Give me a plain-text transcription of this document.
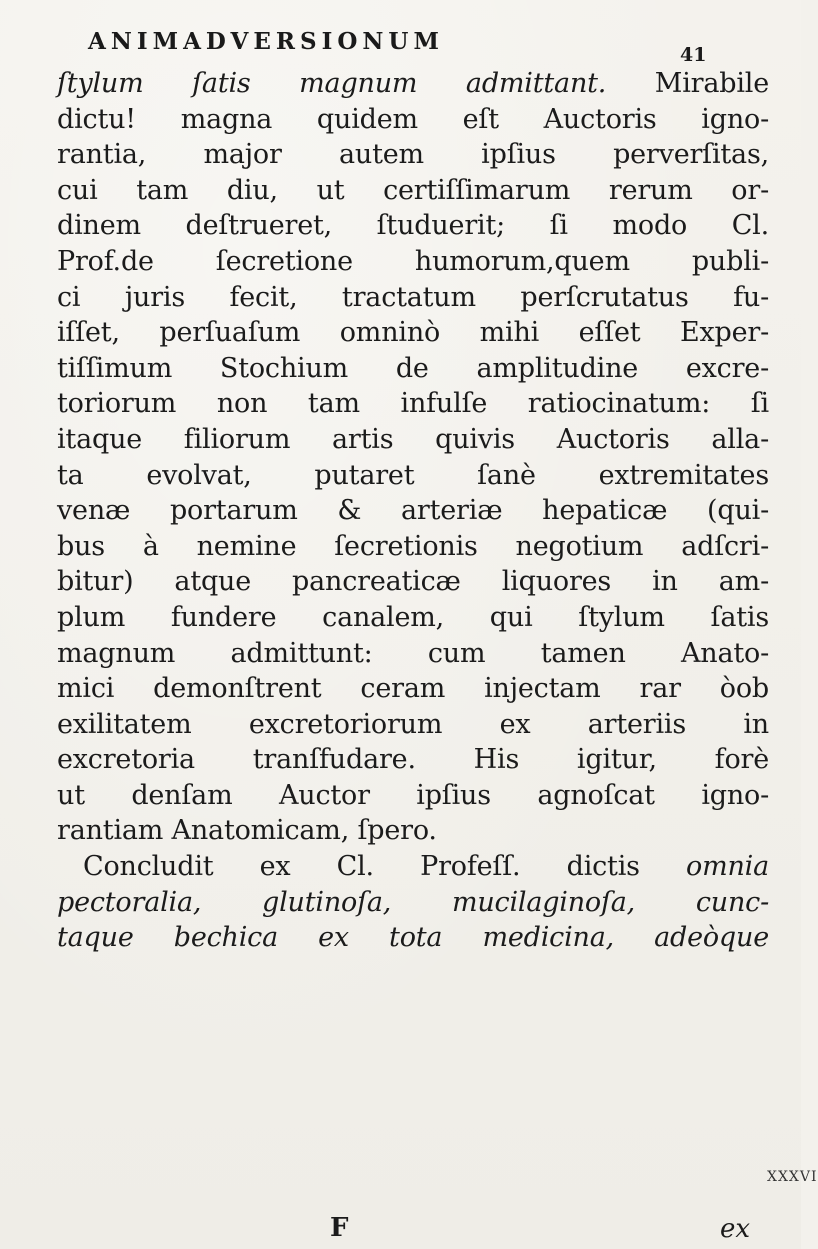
ANIMADVERSIONUM	41
ſtylum ſatis magnum admittant. Mirabile
dictu! magna quidem eſt Auctoris igno-
rantia, major autem ipſius perverſitas,
cui tam diu, ut certiſſimarum rerum or-
dinem deſtrueret, ſtuduerit; ſi modo Cl.
Prof.de ſecretione humorum,quem publi-
ci juris fecit, tractatum perſcrutatus fu-
iſſet, perſuaſum omninò mihi eſſet Exper-
tiſſimum Stochium de amplitudine excre-
toriorum non tam infulſe ratiocinatum: ſi
itaque filiorum artis quivis Auctoris alla-
ta evolvat, putaret ſanè extremitates
venæ portarum & arteriæ hepaticæ (qui-
bus à nemine ſecretionis negotium adſcri-
bitur) atque pancreaticæ liquores in am-
plum fundere canalem, qui ſtylum ſatis
magnum admittunt: cum tamen Anato-
mici demonſtrent ceram injectam rar òob
exilitatem excretoriorum ex arteriis in
excretoria tranſfudare. His igitur, forè
ut denſam Auctor ipſius agnoſcat igno-
rantiam Anatomicam, ſpero.
Concludit ex Cl. Profeſſ. dictis omnia
pectoralia, glutinoſa, mucilaginoſa, cunc-
taque bechica ex tota medicina, adeòque
XXXVI
F	ex
